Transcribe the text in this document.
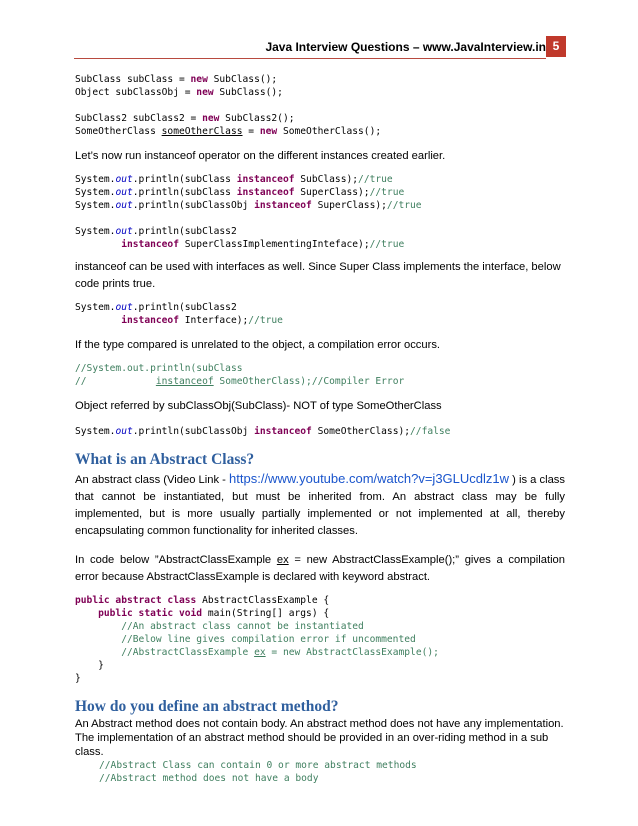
Java Interview Questions – www.JavaInterview.in 5
SubClass subClass = new SubClass();
Object subClassObj = new SubClass();

SubClass2 subClass2 = new SubClass2();
SomeOtherClass someOtherClass = new SomeOtherClass();
Let’s now run instanceof operator on the different instances created earlier.
System.out.println(subClass instanceof SubClass);//true
System.out.println(subClass instanceof SuperClass);//true
System.out.println(subClassObj instanceof SuperClass);//true

System.out.println(subClass2
instanceof SuperClassImplementingInteface);//true
instanceof can be used with interfaces as well. Since Super Class implements the interface, below code prints true.
System.out.println(subClass2
instanceof Interface);//true
If the type compared is unrelated to the object, a compilation error occurs.
//System.out.println(subClass
//            instanceof SomeOtherClass);//Compiler Error
Object referred by subClassObj(SubClass)- NOT of type SomeOtherClass
System.out.println(subClassObj instanceof SomeOtherClass);//false
What is an Abstract Class?
An abstract class (Video Link - https://www.youtube.com/watch?v=j3GLUcdlz1w ) is a class that cannot be instantiated, but must be inherited from. An abstract class may be fully implemented, but is more usually partially implemented or not implemented at all, thereby encapsulating common functionality for inherited classes.
In code below ”AbstractClassExample ex = new AbstractClassExample();” gives a compilation error because AbstractClassExample is declared with keyword abstract.
public abstract class AbstractClassExample {
public static void main(String[] args) {
//An abstract class cannot be instantiated
//Below line gives compilation error if uncommented
//AbstractClassExample ex = new AbstractClassExample();
}
}
How do you define an abstract method?
An Abstract method does not contain body. An abstract method does not have any implementation. The implementation of an abstract method should be provided in an over-riding method in a sub class.
//Abstract Class can contain 0 or more abstract methods
//Abstract method does not have a body
